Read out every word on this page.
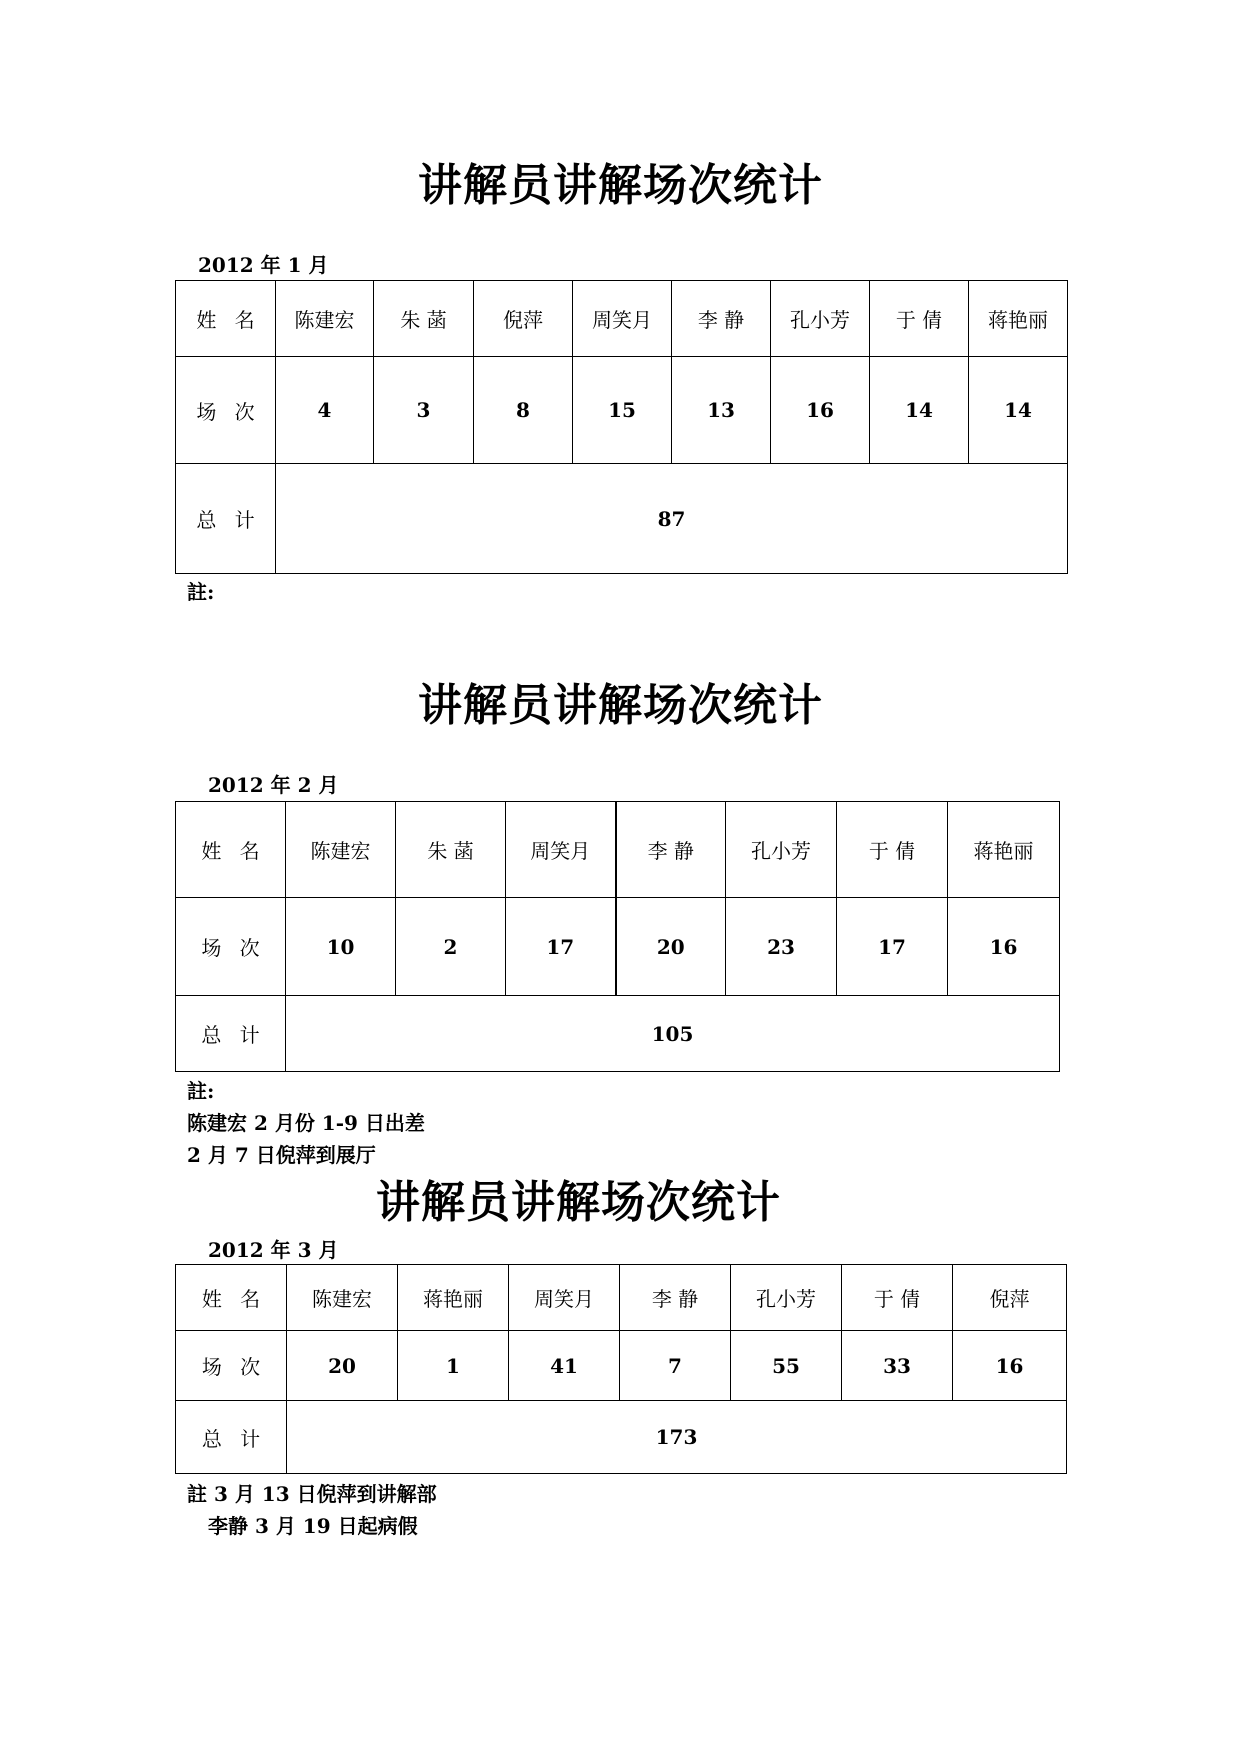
讲解员讲解场次统计
2012 年 1 月
姓 名	陈建宏	朱 菡	倪萍	周笑月	李 静	孔小芳	于 倩	蒋艳丽
场 次	4	3	8	15	13	16	14	14
总 计	87							
註:
讲解员讲解场次统计
2012 年 2 月
姓 名	陈建宏	朱 菡	周笑月	李 静	孔小芳	于 倩	蒋艳丽
场 次	10	2	17	20	23	17	16
总 计	105						
註:
陈建宏 2 月份 1-9 日出差
2 月 7 日倪萍到展厅
讲解员讲解场次统计
2012 年 3 月
姓 名	陈建宏	蒋艳丽	周笑月	李 静	孔小芳	于 倩	倪萍
场 次	20	1	41	7	55	33	16
总 计	173						
註 3 月 13 日倪萍到讲解部
李静 3 月 19 日起病假
